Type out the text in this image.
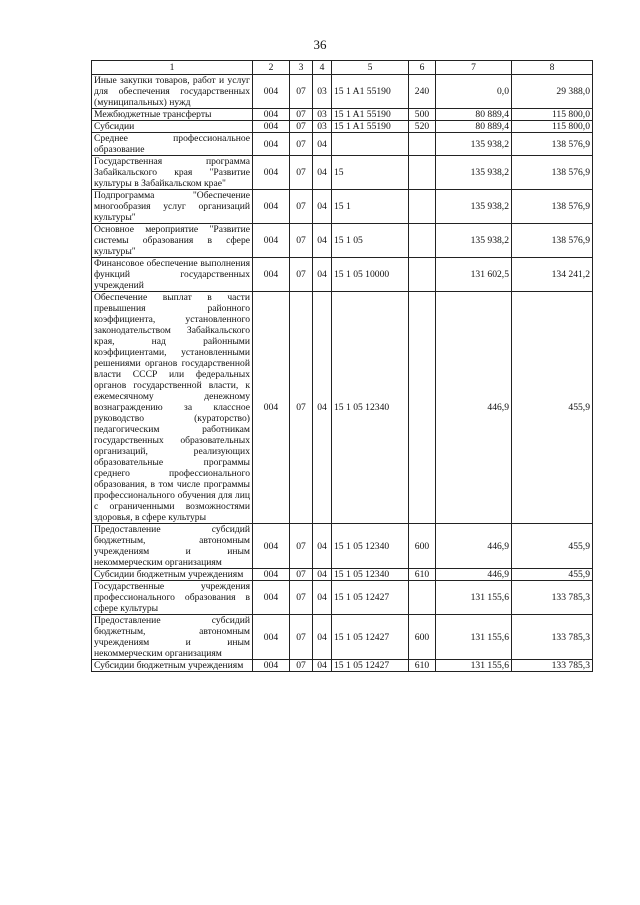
36
1	2	3	4	5	6	7	8
Иные закупки товаров, работ и услуг для обеспечения государственных (муниципальных) нужд	004	07	03	15 1 A1 55190	240	0,0	29 388,0
Межбюджетные трансферты	004	07	03	15 1 A1 55190	500	80 889,4	115 800,0
Субсидии	004	07	03	15 1 A1 55190	520	80 889,4	115 800,0
Среднее профессиональное образование	004	07	04			135 938,2	138 576,9
Государственная программа Забайкальского края "Развитие культуры в Забайкальском крае"	004	07	04	15		135 938,2	138 576,9
Подпрограмма "Обеспечение многообразия услуг организаций культуры"	004	07	04	15 1		135 938,2	138 576,9
Основное мероприятие "Развитие системы образования в сфере культуры"	004	07	04	15 1 05		135 938,2	138 576,9
Финансовое обеспечение выполнения функций государственных учреждений	004	07	04	15 1 05 10000		131 602,5	134 241,2
Обеспечение выплат в части превышения районного коэффициента, установленного законодательством Забайкальского края, над районными коэффициентами, установленными решениями органов государственной власти СССР или федеральных органов государственной власти, к ежемесячному денежному вознаграждению за классное руководство (кураторство) педагогическим работникам государственных образовательных организаций, реализующих образовательные программы среднего профессионального образования, в том числе программы профессионального обучения для лиц с ограниченными возможностями здоровья, в сфере культуры	004	07	04	15 1 05 12340		446,9	455,9
Предоставление субсидий бюджетным, автономным учреждениям и иным некоммерческим организациям	004	07	04	15 1 05 12340	600	446,9	455,9
Субсидии бюджетным учреждениям	004	07	04	15 1 05 12340	610	446,9	455,9
Государственные учреждения профессионального образования в сфере культуры	004	07	04	15 1 05 12427		131 155,6	133 785,3
Предоставление субсидий бюджетным, автономным учреждениям и иным некоммерческим организациям	004	07	04	15 1 05 12427	600	131 155,6	133 785,3
Субсидии бюджетным учреждениям	004	07	04	15 1 05 12427	610	131 155,6	133 785,3
